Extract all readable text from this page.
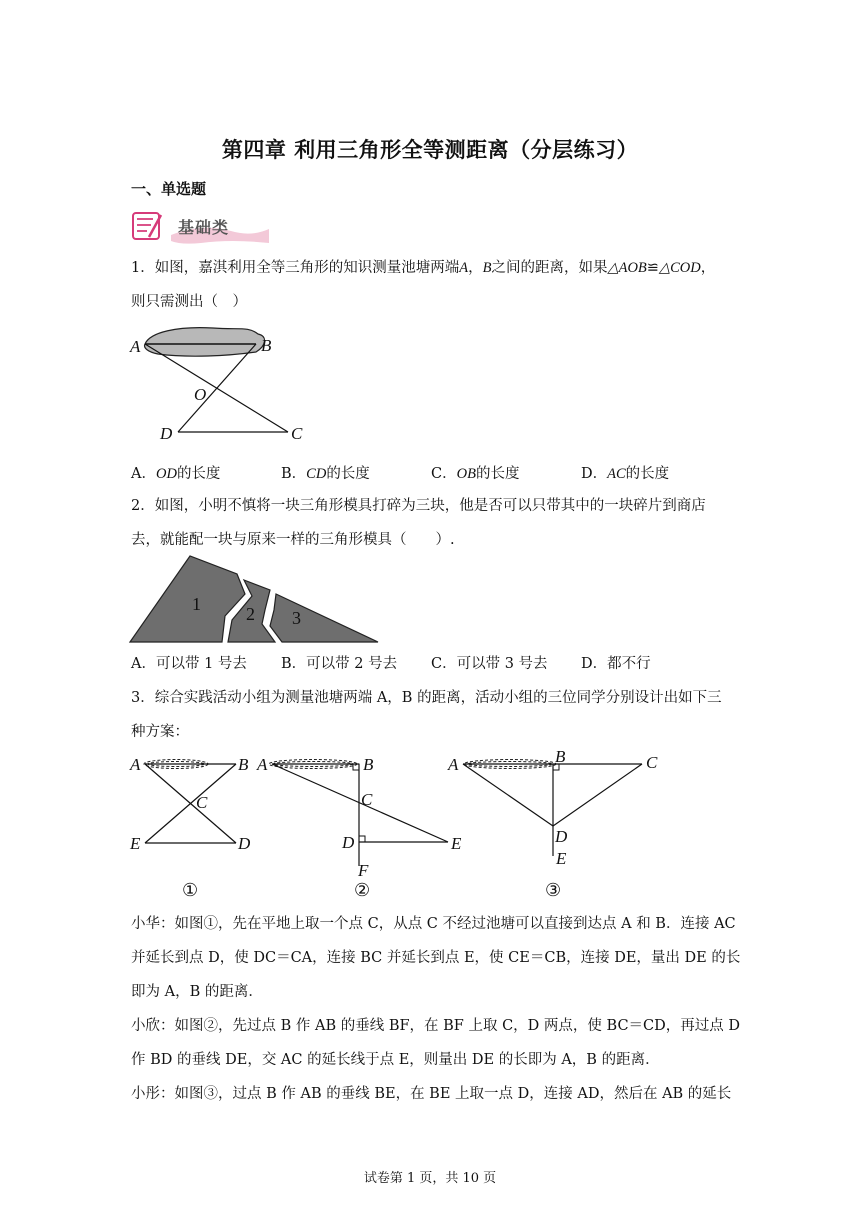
第四章 利用三角形全等测距离（分层练习）
一、单选题
基础类
1．如图，嘉淇利用全等三角形的知识测量池塘两端A，B之间的距离，如果△AOB≌△COD，
则只需测出（　）
A	B
O
D	C
A．OD的长度	B．CD的长度	C．OB的长度	D．AC的长度
2．如图，小明不慎将一块三角形模具打碎为三块，他是否可以只带其中的一块碎片到商店
去，就能配一块与原来一样的三角形模具（　　）.
1	2 3
A．可以带 1 号去 B．可以带 2 号去 C．可以带 3 号去 D．都不行
3．综合实践活动小组为测量池塘两端 A，B 的距离，活动小组的三位同学分别设计出如下三
种方案：
A	B
C
E	D
①
A	B
C
D	E
F
②
A	B	C
D
E
③
小华：如图①，先在平地上取一个点 C，从点 C 不经过池塘可以直接到达点 A 和 B．连接 AC
并延长到点 D，使 DC＝CA，连接 BC 并延长到点 E，使 CE＝CB，连接 DE，量出 DE 的长
即为 A，B 的距离．
小欣：如图②，先过点 B 作 AB 的垂线 BF，在 BF 上取 C，D 两点，使 BC＝CD，再过点 D
作 BD 的垂线 DE，交 AC 的延长线于点 E，则量出 DE 的长即为 A，B 的距离．
小彤：如图③，过点 B 作 AB 的垂线 BE，在 BE 上取一点 D，连接 AD，然后在 AB 的延长
试卷第 1 页，共 10 页
